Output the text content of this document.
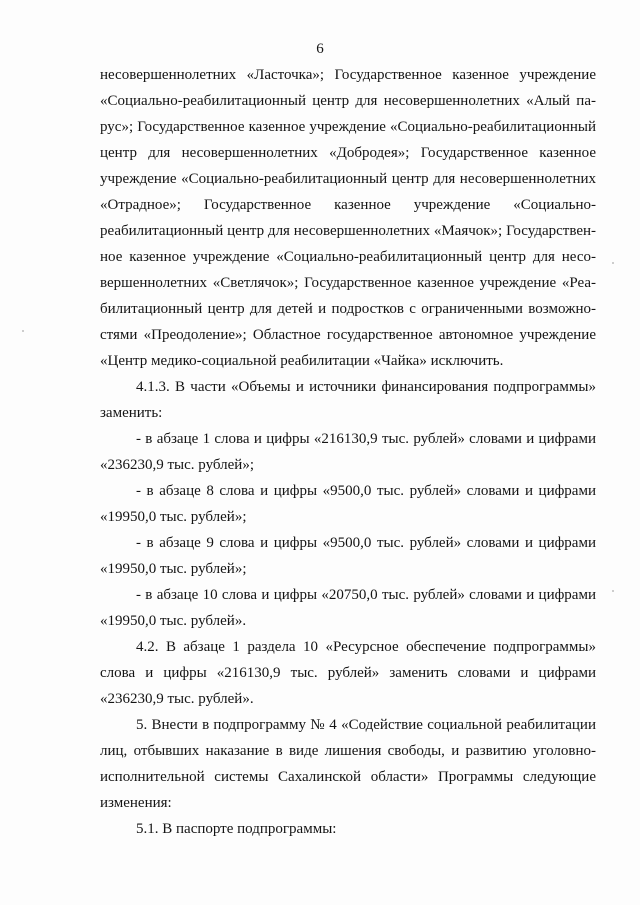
6
несовершеннолетних «Ласточка»; Государственное казенное учреждение
«Социально-реабилитационный центр для несовершеннолетних «Алый па-
рус»; Государственное казенное учреждение «Социально-реабилитационный
центр для несовершеннолетних «Добродея»; Государственное казенное
учреждение «Социально-реабилитационный центр для несовершеннолетних
«Отрадное»; Государственное казенное учреждение «Социально-
реабилитационный центр для несовершеннолетних «Маячок»; Государствен-
ное казенное учреждение «Социально-реабилитационный центр для несо-
вершеннолетних «Светлячок»; Государственное казенное учреждение «Реа-
билитационный центр для детей и подростков с ограниченными возможно-
стями «Преодоление»; Областное государственное автономное учреждение
«Центр медико-социальной реабилитации «Чайка» исключить.
4.1.3. В части «Объемы и источники финансирования подпрограммы»
заменить:
- в абзаце 1 слова и цифры «216130,9 тыс. рублей» словами и цифрами
«236230,9 тыс. рублей»;
- в абзаце 8 слова и цифры «9500,0 тыс. рублей» словами и цифрами
«19950,0 тыс. рублей»;
- в абзаце 9 слова и цифры «9500,0 тыс. рублей» словами и цифрами
«19950,0 тыс. рублей»;
- в абзаце 10 слова и цифры «20750,0 тыс. рублей» словами и цифрами
«19950,0 тыс. рублей».
4.2. В абзаце 1 раздела 10 «Ресурсное обеспечение подпрограммы»
слова и цифры «216130,9 тыс. рублей» заменить словами и цифрами
«236230,9 тыс. рублей».
5. Внести в подпрограмму № 4 «Содействие социальной реабилитации
лиц, отбывших наказание в виде лишения свободы, и развитию уголовно-
исполнительной системы Сахалинской области» Программы следующие
изменения:
5.1. В паспорте подпрограммы:
